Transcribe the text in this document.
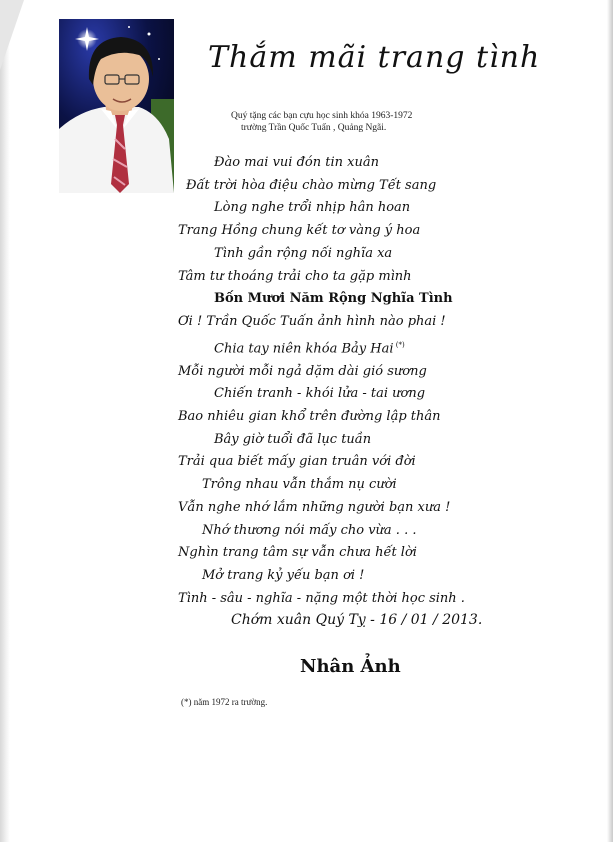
Thắm mãi trang tình
Quý tặng các bạn cựu học sinh khóa 1963-1972
trường Trần Quốc Tuấn , Quảng Ngãi.
Đào mai vui đón tin xuân
Đất trời hòa điệu chào mừng Tết sang
Lòng nghe trổi nhịp hân hoan
Trang Hồng chung kết tơ vàng ý hoa
Tình gần rộng nối nghĩa xa
Tâm tư thoáng trải cho ta gặp mình
Bốn Mươi Năm Rộng Nghĩa Tình
Ơi ! Trần Quốc Tuấn ảnh hình nào phai !
Chia tay niên khóa Bảy Hai (*)
Mỗi người mỗi ngả dặm dài gió sương
Chiến tranh - khói lửa - tai ương
Bao nhiêu gian khổ trên đường lập thân
Bây giờ tuổi đã lục tuần
Trải qua biết mấy gian truân với đời
Trông nhau vẫn thắm nụ cười
Vẫn nghe nhớ lắm những người bạn xưa !
Nhớ thương nói mấy cho vừa . . .
Nghìn trang tâm sự vẫn chưa hết lời
Mở trang kỷ yếu bạn ơi !
Tình - sâu - nghĩa - nặng một thời học sinh .
Chớm xuân Quý Tỵ - 16 / 01 / 2013.
Nhân Ảnh
(*) năm 1972 ra trường.
